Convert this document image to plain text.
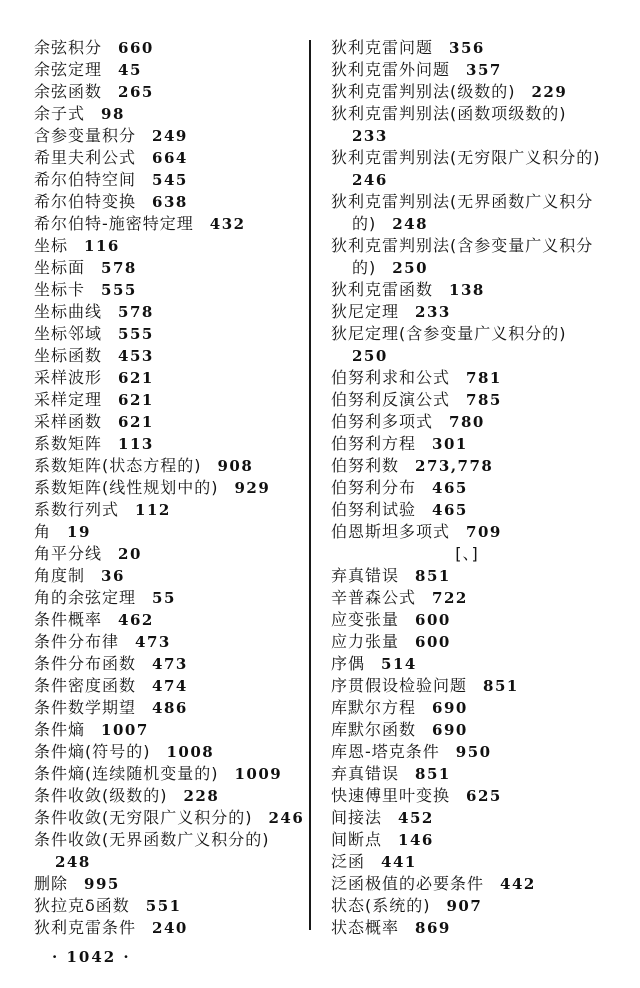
余弦积分 660
余弦定理 45
余弦函数 265
余子式 98
含参变量积分 249
希里夫利公式 664
希尔伯特空间 545
希尔伯特变换 638
希尔伯特-施密特定理 432
坐标 116
坐标面 578
坐标卡 555
坐标曲线 578
坐标邻域 555
坐标函数 453
采样波形 621
采样定理 621
采样函数 621
系数矩阵 113
系数矩阵(状态方程的) 908
系数矩阵(线性规划中的) 929
系数行列式 112
角 19
角平分线 20
角度制 36
角的余弦定理 55
条件概率 462
条件分布律 473
条件分布函数 473
条件密度函数 474
条件数学期望 486
条件熵 1007
条件熵(符号的) 1008
条件熵(连续随机变量的) 1009
条件收敛(级数的) 228
条件收敛(无穷限广义积分的) 246
条件收敛(无界函数广义积分的)
248
删除 995
狄拉克δ函数 551
狄利克雷条件 240
狄利克雷问题 356
狄利克雷外问题 357
狄利克雷判别法(级数的) 229
狄利克雷判别法(函数项级数的)
233
狄利克雷判别法(无穷限广义积分的)
246
狄利克雷判别法(无界函数广义积分
的) 248
狄利克雷判别法(含参变量广义积分
的) 250
狄利克雷函数 138
狄尼定理 233
狄尼定理(含参变量广义积分的)
250
伯努利求和公式 781
伯努利反演公式 785
伯努利多项式 780
伯努利方程 301
伯努利数 273,778
伯努利分布 465
伯努利试验 465
伯恩斯坦多项式 709
[、]
弃真错误 851
辛普森公式 722
应变张量 600
应力张量 600
序偶 514
序贯假设检验问题 851
库默尔方程 690
库默尔函数 690
库恩-塔克条件 950
弃真错误 851
快速傅里叶变换 625
间接法 452
间断点 146
泛函 441
泛函极值的必要条件 442
状态(系统的) 907
状态概率 869
· 1042 ·
